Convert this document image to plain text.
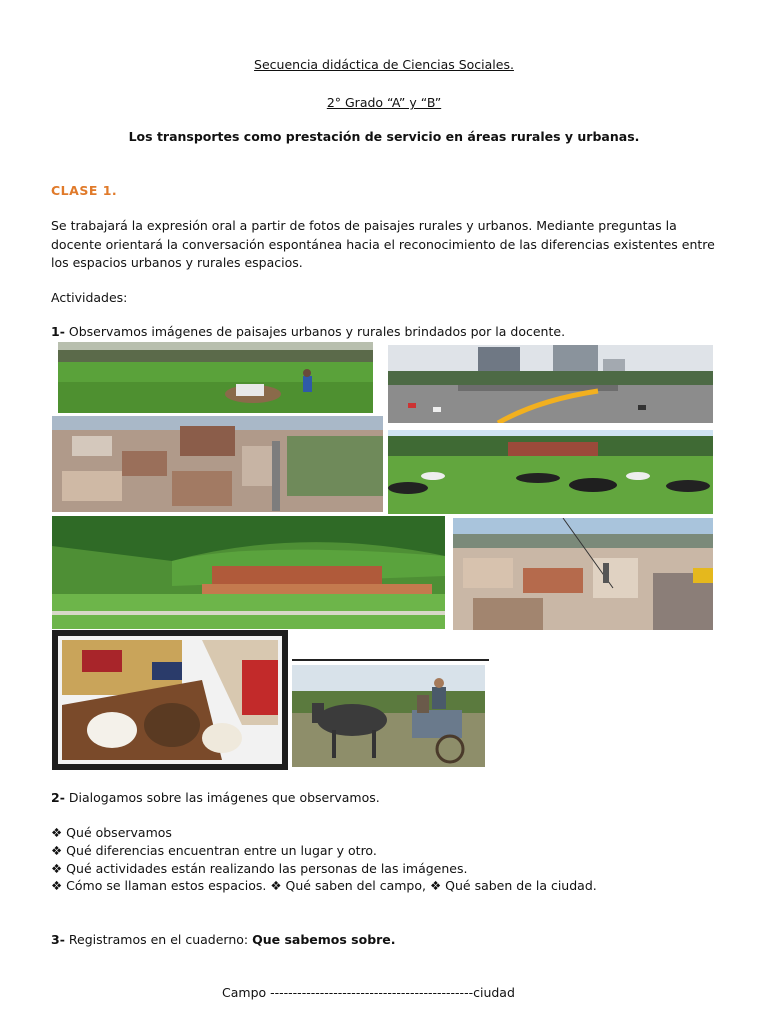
Secuencia didáctica de Ciencias Sociales.
2° Grado “A” y “B”
Los transportes como prestación de servicio en áreas rurales y urbanas.
CLASE 1.
Se trabajará la expresión oral a partir de fotos de paisajes rurales y urbanos. Mediante preguntas la docente orientará la conversación espontánea hacia el reconocimiento de las diferencias existentes entre los espacios urbanos y rurales espacios.
Actividades:
1- Observamos imágenes de paisajes urbanos y rurales brindados por la docente.
2- Dialogamos sobre las imágenes que observamos.
❖ Qué observamos
❖ Qué diferencias encuentran entre un lugar y otro.
❖ Qué actividades están realizando las personas de las imágenes.
❖ Cómo se llaman estos espacios. ❖ Qué saben del campo, ❖ Qué saben de la ciudad.
3- Registramos en el cuaderno: Que sabemos sobre.
Campo ---------------------------------------------ciudad
